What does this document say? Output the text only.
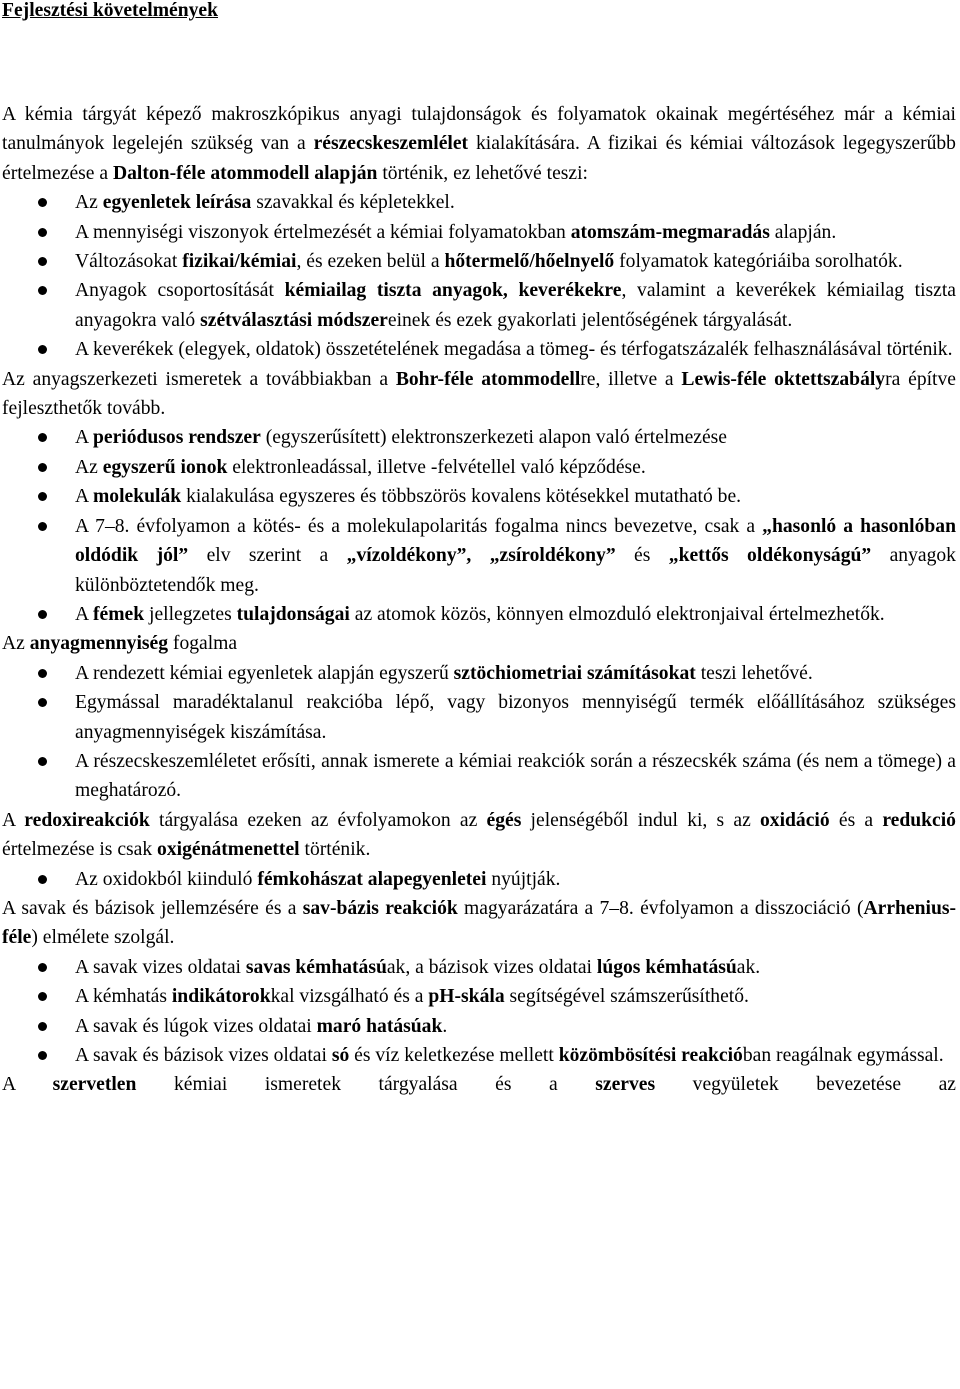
Fejlesztési követelmények

A kémia tárgyát képező makroszkópikus anyagi tulajdonságok és folyamatok okainak megértéséhez már a kémiai tanulmányok legelején szükség van a részecskeszemlélet kialakítására. A fizikai és kémiai változások legegyszerűbb értelmezése a Dalton-féle atommodell alapján történik, ez lehetővé teszi:

Az egyenletek leírása szavakkal és képletekkel.
A mennyiségi viszonyok értelmezését a kémiai folyamatokban atomszám-megmaradás alapján.
Változásokat fizikai/kémiai, és ezeken belül a hőtermelő/hőelnyelő folyamatok kategóriáiba sorolhatók.
Anyagok csoportosítását kémiailag tiszta anyagok, keverékekre, valamint a keverékek kémiailag tiszta anyagokra való szétválasztási módszereinek és ezek gyakorlati jelentőségének tárgyalását.
A keverékek (elegyek, oldatok) összetételének megadása a tömeg- és térfogatszázalék felhasználásával történik.

Az anyagszerkezeti ismeretek a továbbiakban a Bohr-féle atommodellre, illetve a Lewis-féle oktettszabályra építve fejleszthetők tovább.

A periódusos rendszer (egyszerűsített) elektronszerkezeti alapon való értelmezése
Az egyszerű ionok elektronleadással, illetve -felvétellel való képződése.
A molekulák kialakulása egyszeres és többszörös kovalens kötésekkel mutatható be.
A 7‒8. évfolyamon a kötés- és a molekulapolaritás fogalma nincs bevezetve, csak a „hasonló a hasonlóban oldódik jól” elv szerint a „vízoldékony”, „zsíroldékony” és „kettős oldékonyságú” anyagok különböztetendők meg.
A fémek jellegzetes tulajdonságai az atomok közös, könnyen elmozduló elektronjaival értelmezhetők.

Az anyagmennyiség fogalma

A rendezett kémiai egyenletek alapján egyszerű sztöchiometriai számításokat teszi lehetővé.
Egymással maradéktalanul reakcióba lépő, vagy bizonyos mennyiségű termék előállításához szükséges anyagmennyiségek kiszámítása.
A részecskeszemléletet erősíti, annak ismerete a kémiai reakciók során a részecskék száma (és nem a tömege) a meghatározó.

A redoxireakciók tárgyalása ezeken az évfolyamokon az égés jelenségéből indul ki, s az oxidáció és a redukció értelmezése is csak oxigénátmenettel történik.

Az oxidokból kiinduló fémkohászat alapegyenletei nyújtják.

A savak és bázisok jellemzésére és a sav-bázis reakciók magyarázatára a 7‒8. évfolyamon a disszociáció (Arrhenius-féle) elmélete szolgál.

A savak vizes oldatai savas kémhatásúak, a bázisok vizes oldatai lúgos kémhatásúak.
A kémhatás indikátorokkal vizsgálható és a pH-skála segítségével számszerűsíthető.
A savak és lúgok vizes oldatai maró hatásúak.
A savak és bázisok vizes oldatai só és víz keletkezése mellett közömbösítési reakcióban reagálnak egymással.

A szervetlen kémiai ismeretek tárgyalása és a szerves vegyületek bevezetése az
